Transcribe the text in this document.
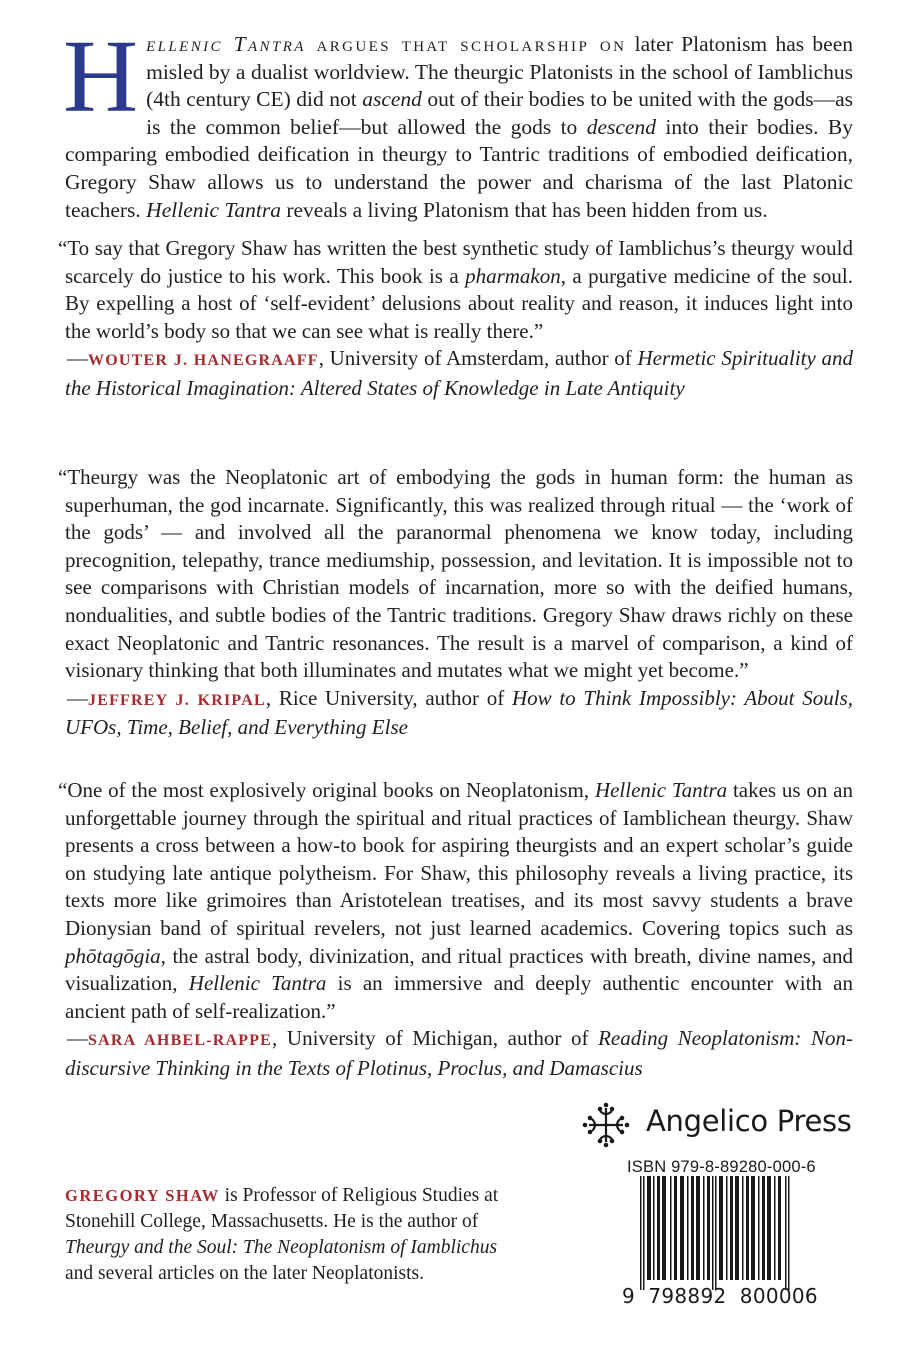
H ellenic Tantra argues that scholarship on later Platonism has been misled by a dualist worldview. The theurgic Platonists in the school of Iamblichus (4th century CE) did not ascend out of their bodies to be united with the gods—as is the common belief—but allowed the gods to descend into their bodies. By comparing embodied deification in theurgy to Tantric traditions of embodied deification, Gregory Shaw allows us to understand the power and charisma of the last Platonic teachers. Hellenic Tantra reveals a living Platonism that has been hidden from us.

“To say that Gregory Shaw has written the best synthetic study of Iamblichus’s theurgy would scarcely do justice to his work. This book is a pharmakon, a purgative medicine of the soul. By expelling a host of ‘self-evident’ delusions about reality and reason, it induces light into the world’s body so that we can see what is really there.”

—WOUTER J. HANEGRAAFF, University of Amsterdam, author of Hermetic Spirituality and the Historical Imagination: Altered States of Knowledge in Late Antiquity

“Theurgy was the Neoplatonic art of embodying the gods in human form: the human as superhuman, the god incarnate. Significantly, this was realized through ritual — the ‘work of the gods’ — and involved all the paranormal phenomena we know today, including precognition, telepathy, trance mediumship, possession, and levitation. It is impossible not to see comparisons with Christian models of incarnation, more so with the deified humans, nondualities, and subtle bodies of the Tantric traditions. Gregory Shaw draws richly on these exact Neoplatonic and Tantric resonances. The result is a marvel of comparison, a kind of visionary thinking that both illuminates and mutates what we might yet become.”

—JEFFREY J. KRIPAL, Rice University, author of How to Think Impossibly: About Souls, UFOs, Time, Belief, and Everything Else

“One of the most explosively original books on Neoplatonism, Hellenic Tantra takes us on an unforgettable journey through the spiritual and ritual practices of Iamblichean theurgy. Shaw presents a cross between a how-to book for aspiring theurgists and an expert scholar’s guide on studying late antique polytheism. For Shaw, this philosophy reveals a living practice, its texts more like grimoires than Aristotelean treatises, and its most savvy students a brave Dionysian band of spiritual revelers, not just learned academics. Covering topics such as phōtagōgia, the astral body, divinization, and ritual practices with breath, divine names, and visualization, Hellenic Tantra is an immersive and deeply authentic encounter with an ancient path of self-realization.”

—SARA AHBEL-RAPPE, University of Michigan, author of Reading Neoplatonism: Non-discursive Thinking in the Texts of Plotinus, Proclus, and Damascius

GREGORY SHAW is Professor of Religious Studies at Stonehill College, Massachusetts. He is the author of Theurgy and the Soul: The Neoplatonism of Iamblichus and several articles on the later Neoplatonists.
Angelico Press
ISBN 979-8-89280-000-6
9  798892  800006
